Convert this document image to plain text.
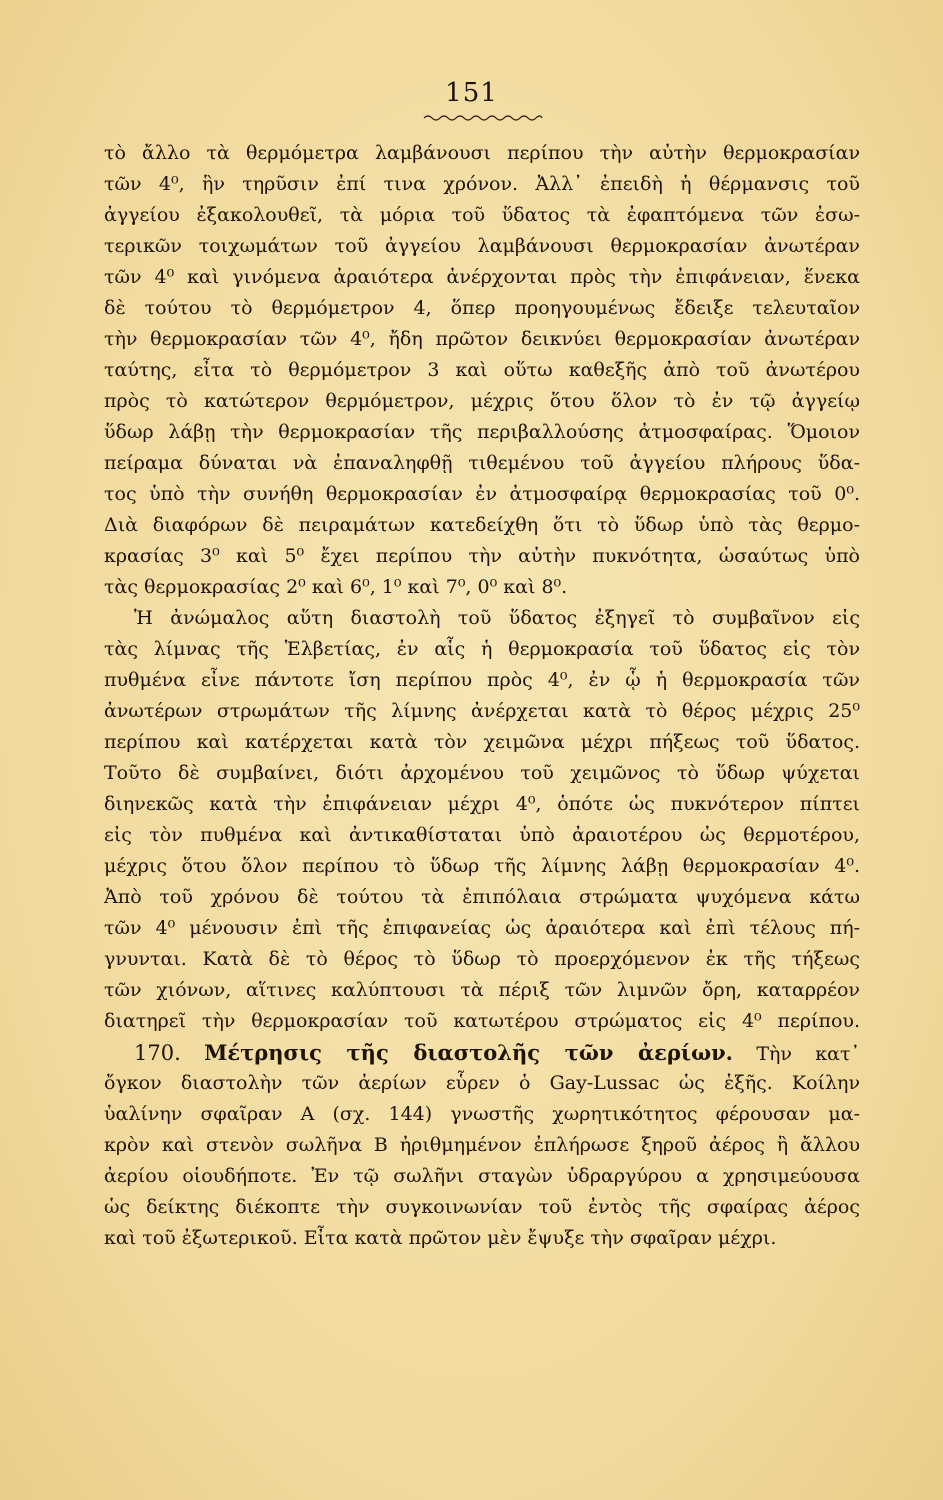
151
τὸ ἄλλο τὰ θερμόμετρα λαμβάνουσι περίπου τὴν αὐτὴν θερμοκρασίαν
τῶν 4⁰, ἣν τηρῦσιν ἐπί τινα χρόνον. Ἀλλ᾽ ἐπειδὴ ἡ θέρμανσις τοῦ
ἀγγείου ἐξακολουθεῖ, τὰ μόρια τοῦ ὕδατος τὰ ἐφαπτόμενα τῶν ἐσω-
τερικῶν τοιχωμάτων τοῦ ἀγγείου λαμβάνουσι θερμοκρασίαν ἀνωτέραν
τῶν 4⁰ καὶ γινόμενα ἀραιότερα ἀνέρχονται πρὸς τὴν ἐπιφάνειαν, ἕνεκα
δὲ τούτου τὸ θερμόμετρον 4, ὅπερ προηγουμένως ἔδειξε τελευταῖον
τὴν θερμοκρασίαν τῶν 4⁰, ἤδη πρῶτον δεικνύει θερμοκρασίαν ἀνωτέραν
ταύτης, εἶτα τὸ θερμόμετρον 3 καὶ οὕτω καθεξῆς ἀπὸ τοῦ ἀνωτέρου
πρὸς τὸ κατώτερον θερμόμετρον, μέχρις ὅτου ὅλον τὸ ἐν τῷ ἀγγείῳ
ὕδωρ λάβῃ τὴν θερμοκρασίαν τῆς περιβαλλούσης ἀτμοσφαίρας. Ὅμοιον
πείραμα δύναται νὰ ἐπαναληφθῇ τιθεμένου τοῦ ἀγγείου πλήρους ὕδα-
τος ὑπὸ τὴν συνήθη θερμοκρασίαν ἐν ἀτμοσφαίρᾳ θερμοκρασίας τοῦ 0⁰.
Διὰ διαφόρων δὲ πειραμάτων κατεδείχθη ὅτι τὸ ὕδωρ ὑπὸ τὰς θερμο-
κρασίας 3⁰ καὶ 5⁰ ἔχει περίπου τὴν αὐτὴν πυκνότητα, ὡσαύτως ὑπὸ
τὰς θερμοκρασίας 2⁰ καὶ 6⁰, 1⁰ καὶ 7⁰, 0⁰ καὶ 8⁰.
Ἡ ἀνώμαλος αὕτη διαστολὴ τοῦ ὕδατος ἐξηγεῖ τὸ συμβαῖνον εἰς
τὰς λίμνας τῆς Ἑλβετίας, ἐν αἷς ἡ θερμοκρασία τοῦ ὕδατος εἰς τὸν
πυθμένα εἶνε πάντοτε ἴση περίπου πρὸς 4⁰, ἐν ᾧ ἡ θερμοκρασία τῶν
ἀνωτέρων στρωμάτων τῆς λίμνης ἀνέρχεται κατὰ τὸ θέρος μέχρις 25⁰
περίπου καὶ κατέρχεται κατὰ τὸν χειμῶνα μέχρι πήξεως τοῦ ὕδατος.
Τοῦτο δὲ συμβαίνει, διότι ἀρχομένου τοῦ χειμῶνος τὸ ὕδωρ ψύχεται
διηνεκῶς κατὰ τὴν ἐπιφάνειαν μέχρι 4⁰, ὁπότε ὡς πυκνότερον πίπτει
εἰς τὸν πυθμένα καὶ ἀντικαθίσταται ὑπὸ ἀραιοτέρου ὡς θερμοτέρου,
μέχρις ὅτου ὅλον περίπου τὸ ὕδωρ τῆς λίμνης λάβῃ θερμοκρασίαν 4⁰.
Ἀπὸ τοῦ χρόνου δὲ τούτου τὰ ἐπιπόλαια στρώματα ψυχόμενα κάτω
τῶν 4⁰ μένουσιν ἐπὶ τῆς ἐπιφανείας ὡς ἀραιότερα καὶ ἐπὶ τέλους πή-
γνυνται. Κατὰ δὲ τὸ θέρος τὸ ὕδωρ τὸ προερχόμενον ἐκ τῆς τήξεως
τῶν χιόνων, αἵτινες καλύπτουσι τὰ πέριξ τῶν λιμνῶν ὄρη, καταρρέον
διατηρεῖ τὴν θερμοκρασίαν τοῦ κατωτέρου στρώματος εἰς 4⁰ περίπου.
170. Μέτρησις τῆς διαστολῆς τῶν ἀερίων. Τὴν κατ᾽
ὄγκον διαστολὴν τῶν ἀερίων εὗρεν ὁ Gay-Lussac ὡς ἑξῆς. Κοίλην
ὑαλίνην σφαῖραν Α (σχ. 144) γνωστῆς χωρητικότητος φέρουσαν μα-
κρὸν καὶ στενὸν σωλῆνα Β ἠριθμημένον ἐπλήρωσε ξηροῦ ἀέρος ἢ ἄλλου
ἀερίου οἱουδήποτε. Ἐν τῷ σωλῆνι σταγὼν ὑδραργύρου α χρησιμεύουσα
ὡς δείκτης διέκοπτε τὴν συγκοινωνίαν τοῦ ἐντὸς τῆς σφαίρας ἀέρος
καὶ τοῦ ἐξωτερικοῦ. Εἶτα κατὰ πρῶτον μὲν ἔψυξε τὴν σφαῖραν μέχρι.
